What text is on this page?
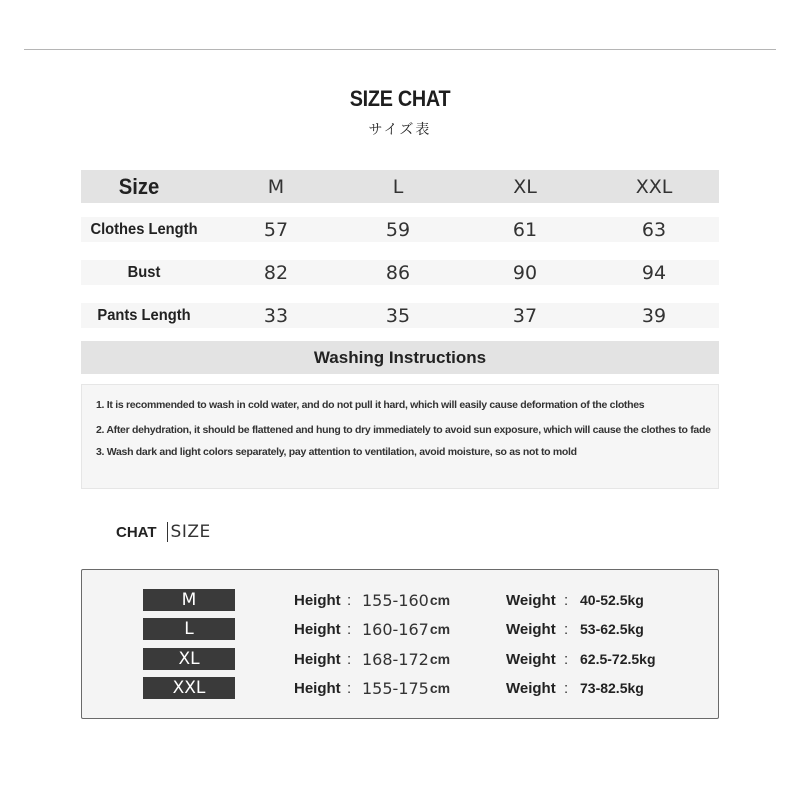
SIZE CHAT
サイズ表
Size	M	L	XL	XXL
Clothes Length	57	59	61	63
Bust	82	86	90	94
Pants Length	33	35	37	39
Washing Instructions
1. It is recommended to wash in cold water, and do not pull it hard, which will easily cause deformation of the clothes
2. After dehydration, it should be flattened and hung to dry immediately to avoid sun exposure, which will cause the clothes to fade
3. Wash dark and light colors separately, pay attention to ventilation, avoid moisture, so as not to mold
CHAT SIZE
M	Height : 155-160 cm	Weight : 40-52.5kg
L	Height : 160-167 cm	Weight : 53-62.5kg
XL	Height : 168-172 cm	Weight : 62.5-72.5kg
XXL	Height : 155-175 cm	Weight : 73-82.5kg
